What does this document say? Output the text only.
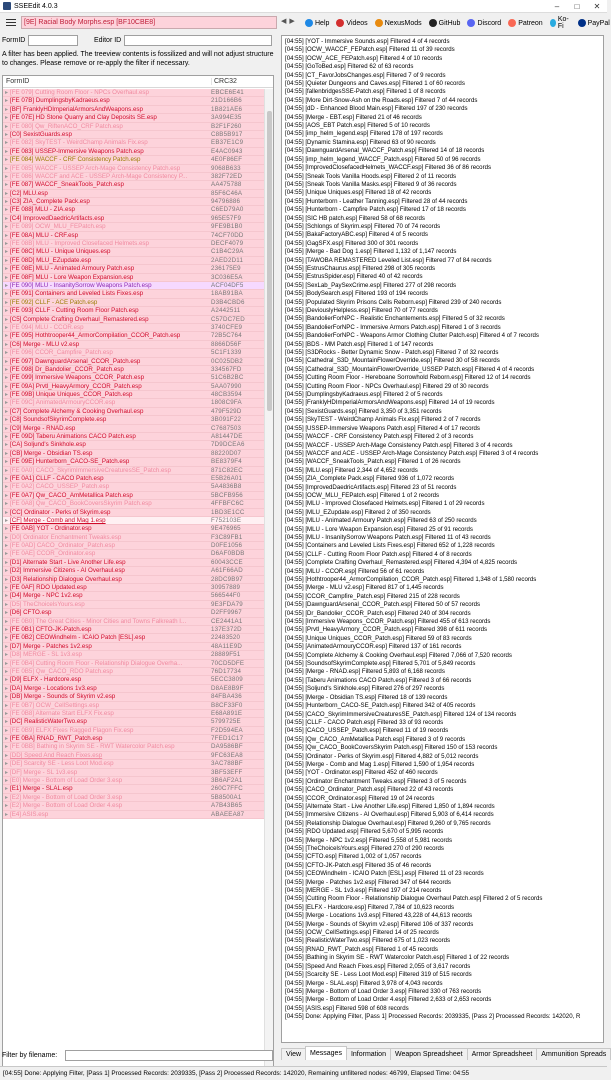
SSEEdit 4.0.3	–	□	✕
[9E] Racial Body Morphs.esp [BF10CBE8]	◀ ▶	Help Videos NexusMods GitHub Discord Patreon Ko-Fi	PayPal
FormID	Editor ID
A filter has been applied. The treeview contents is fossilized and will not adjust structure to changes. Please remove or re-apply the filter if necessary.
FormID	CRC32
▸ [FE 079] Cutting Room Floor - NPCs Overhaul.esp	EBCE6E41
▸ [FE 07B] DumplingsbyKadraeus.esp	21D166B6
▸ [BF] FranklyHDImperialArmorsAndWeapons.esp	1B821AE6
▸ [FE 07E] HD Stone Quarry and Clay Deposits SE.esp	3A994E35
▸ [FE 080] Qw_RiftenACO_CRF Patch.esp	B2F1F260
▸ [C0] SexistGuards.esp	C8B5B917
▸ [FE 082] SkyTEST - WeirdChamp Animals Fix.esp	EB37E1C9
▸ [FE 083] USSEP-Immersive Weapons Patch.esp	E4AC0943
▸ [FE 084] WACCF - CRF Consistency Patch.esp	4E0F86EF
▸ [FE 085] WACCF - USSEP Arch-Mage Consistency Patch.esp	9068B633
▸ [FE 086] WACCF and ACE - USSEP Arch-Mage Consistency P...	382F72ED
▸ [FE 087] WACCF_SneakTools_Patch.esp	AA475788
▸ [C2] MLU.esp	85F6C46A
▸ [C3] ZIA_Complete Pack.esp	94796886
▸ [FE 088] MLU - ZIA.esp	C6ED79A0
▸ [C4] ImprovedDaedricArtifacts.esp	965E57F9
▸ [FE 089] OCW_MLU_FEPatch.esp	9FE9B1B0
▸ [FE 08A] MLU - CRF.esp	74CF70DD
▸ [FE 08B] MLU - Improved Closefaced Helmets.esp	DECF4079
▸ [FE 08C] MLU - Unique Uniques.esp	C1B4C29A
▸ [FE 08D] MLU_EZupdate.esp	2AED2D11
▸ [FE 08E] MLU - Animated Armoury Patch.esp	236175E9
▸ [FE 08F] MLU - Lore Weapon Expansion.esp	3C036E5A
▸ [FE 090] MLU - InsanitySorrow Weapons Patch.esp	ACF04DF5
▸ [FE 091] Containers and Leveled Lists Fixes.esp	18AB91BA
▸ [FE 092] CLLF - ACE Patch.esp	D3B4CBD6
▸ [FE 093] CLLF - Cutting Room Floor Patch.esp	A2442511
▸ [C5] Complete Crafting Overhaul_Remastered.esp	C57DC7ED
▸ [FE 094] MLU - CCOR.esp	3740CFE9
▸ [FE 095] Hothtrooper44_ArmorCompilation_CCOR_Patch.esp	72B5C764
▸ [C6] Merge - MLU v2.esp	8866D56F
▸ [FE 096] CCOR_Campfire_Patch.esp	5C1F1339
▸ [FE 097] DawnguardArsenal_CCOR_Patch.esp	0C025DB2
▸ [FE 098] Dr_Bandolier_CCOR_Patch.esp	334567FD
▸ [FE 099] Immersive Weapons_CCOR_Patch.esp	51C6B2BC
▸ [FE 09A] Prvtl_HeavyArmory_CCOR_Patch.esp	5AA07990
▸ [FE 09B] Unique Uniques_CCOR_Patch.esp	48CB3594
▸ [FE 09C] AnimatedArmouryCCOR.esp	1808C9FA
▸ [C7] Complete Alchemy & Cooking Overhaul.esp	479F529D
▸ [C8] SoundsofSkyrimComplete.esp	3B091F22
▸ [C9] Merge - RNAD.esp	C7687503
▸ [FE 09D] Taberu Animations CACO Patch.esp	A81447DE
▸ [CA] Soljund's Sinkhole.esp	7D9DCEA6
▸ [CB] Merge - Obsidian TS.esp	88220D07
▸ [FE 09E] Hunterborn_CACO-SE_Patch.esp	BE8379F4
▸ [FE 0A0] CACO_SkyrimImmersiveCreaturesSE_Patch.esp	871C82EC
▸ [FE 0A1] CLLF - CACO Patch.esp	E5B26A01
▸ [FE 0A2] CACO_USSEP_Patch.esp	5A4836B8
▸ [FE 0A7] Qw_CACO_AmMetallica Patch.esp	5BCFB956
▸ [FE 0A8] Qw_CACO_BookCoversSkyrim Patch.esp	4FFBFC6C
▸ [CC] Ordinator - Perks of Skyrim.esp	1BD3E1CC
▸ [CF] Merge - Comb and Mag 1.esp	F752103E
▸ [FE 0AB] YOT - Ordinator.esp	9E476965
▸ [D0] Ordinator Enchantment Tweaks.esp	F3C89FB1
▸ [FE 0AD] CACO_Ordinator_Patch.esp	D0FE1056
▸ [FE 0AE] CCOR_Ordinator.esp	D6AF0BDB
▸ [D1] Alternate Start - Live Another Life.esp	60043CCE
▸ [D2] Immersive Citizens - AI Overhaul.esp	A61F66AD
▸ [D3] Relationship Dialogue Overhaul.esp	28DC9B97
▸ [FE 0AF] RDO Updated.esp	30957889
▸ [D4] Merge - NPC 1v2.esp	566544F0
▸ [D5] TheChoicelsYours.esp	9E3FDA79
▸ [D6] CFTO.esp	D2FF9967
▸ [FE 0B0] The Great Cities - Minor Cities and Towns Falkreath I...	CE2441A1
▸ [FE 0B1] CFTO-JK-Patch.esp	137E372D
▸ [FE 0B2] CEOWindhelm - ICAIO Patch [ESL].esp	22483520
▸ [D7] Merge - Patches 1v2.esp	48A11E9D
▸ [D8] MERGE - SL 1v3.esp	28889F51
▸ [FE 0B4] Cutting Room Floor - Relationship Dialogue Overha...	70CD5DFE
▸ [FE 0B5] Qw_CACO_RDO Patch.esp	76D17734
▸ [D9] ELFX - Hardcore.esp	5ECC3809
▸ [DA] Merge - Locations 1v3.esp	D8AE8B9F
▸ [DB] Merge - Sounds of Skyrim v2.esp	84FBA436
▸ [FE 0B7] OCW_CellSettings.esp	B8CF33F0
▸ [FE 0B8] Alternate Start ELFX Fix.esp	E68A891E
▸ [DC] RealisticWaterTwo.esp	5799725E
▸ [FE 0B9] ELFX Fixes Ragged Flagon Fix.esp	F2D594EA
▸ [FE 0BA] RNAD_RWT_Patch.esp	7FED1C17
▸ [FE 0BB] Bathing in Skyrim SE - RWT Watercolor Patch.esp	DA9586BF
▸ [DD] Speed And Reach Fixes.esp	9FC63EA8
▸ [DE] Scarcity SE - Less Loot Mod.esp	3AC788BF
▸ [DF] Merge - SL 1v3.esp	3BF53EFF
▸ [E0] Merge - Bottom of Load Order 3.esp	3B6AF2A1
▸ [E1] Merge - SLAL.esp	260C7FFC
▸ [E2] Merge - Bottom of Load Order 3.esp	5B8500A1
▸ [E2] Merge - Bottom of Load Order 4.esp	A7B43B65
▸ [E4] ASIS.esp	ABAEEA87
Filter by filename:
[04:55] [YOT - Immersive Sounds.esp] Filtered 4 of 4 records
[04:55] [OCW_WACCF_FEPatch.esp] Filtered 11 of 39 records
[04:55] [OCW_ACE_FEPatch.esp] Filtered 4 of 10 records
[04:55] [GoToBed.esp] Filtered 62 of 63 records
[04:55] [CT_FavorJobsChanges.esp] Filtered 7 of 9 records
[04:55] [Quieter Dungeons and Caves.esp] Filtered 1 of 60 records
[04:55] [fallenbridgesSSE-Patch.esp] Filtered 1 of 8 records
[04:55] [More Dirt-Snow-Ash on the Roads.esp] Filtered 7 of 44 records
[04:55] [dD - Enhanced Blood Main.esp] Filtered 197 of 230 records
[04:55] [Merge - EBT.esp] Filtered 21 of 46 records
[04:55] [AOS_EBT Patch.esp] Filtered 5 of 10 records
[04:55] [imp_helm_legend.esp] Filtered 178 of 197 records
[04:55] [Dynamic Stamina.esp] Filtered 63 of 90 records
[04:55] [DawnguardArsenal_WACCF_Patch.esp] Filtered 14 of 18 records
[04:55] [imp_helm_legend_WACCF_Patch.esp] Filtered 50 of 96 records
[04:55] [ImprovedClosefacedHelmets_WACCF.esp] Filtered 36 of 86 records
[04:55] [Sneak Tools Vanilla Hoods.esp] Filtered 2 of 11 records
[04:55] [Sneak Tools Vanilla Masks.esp] Filtered 9 of 36 records
[04:55] [Unique Uniques.esp] Filtered 18 of 42 records
[04:55] [Hunterborn - Leather Tanning.esp] Filtered 28 of 44 records
[04:55] [Hunterborn - Campfire Patch.esp] Filtered 17 of 18 records
[04:55] [SIC HB patch.esp] Filtered 58 of 68 records
[04:55] [Schlongs of Skyrim.esp] Filtered 70 of 74 records
[04:55] [BakaFactoryABC.esp] Filtered 4 of 5 records
[04:55] [GagSFX.esp] Filtered 300 of 301 records
[04:55] [Merge - Bad Dog 1.esp] Filtered 1,132 of 1,147 records
[04:55] [TAWOBA REMASTERED Leveled List.esp] Filtered 77 of 84 records
[04:55] [EstrusChaurus.esp] Filtered 298 of 305 records
[04:55] [EstrusSpider.esp] Filtered 40 of 42 records
[04:55] [SexLab_PaySexCrime.esp] Filtered 277 of 298 records
[04:55] [BodySearch.esp] Filtered 193 of 194 records
[04:55] [Populated Skyrim Prisons Cells Reborn.esp] Filtered 239 of 240 records
[04:55] [DeviouslyHelpless.esp] Filtered 70 of 77 records
[04:55] [BandolierForNPC - Realistic Enchantements.esp] Filtered 5 of 32 records
[04:55] [BandolierForNPC - Immersive Armors Patch.esp] Filtered 1 of 3 records
[04:55] [BandolierForNPC - Weapons Armor Clothing Clutter Patch.esp] Filtered 4 of 7 records
[04:55] [BDS - MM Patch.esp] Filtered 1 of 147 records
[04:55] [S3DRocks - Better Dynamic Snow - Patch.esp] Filtered 7 of 32 records
[04:55] [Cathedral_S3D_MountainFlowerOverride.esp] Filtered 30 of 58 records
[04:55] [Cathedral_S3D_MountainFlowerOverride_USSEP Patch.esp] Filtered 4 of 4 records
[04:55] [Cutting Room Floor - Hereboane Sorrowhold Reborn.esp] Filtered 12 of 14 records
[04:55] [Cutting Room Floor - NPCs Overhaul.esp] Filtered 29 of 30 records
[04:55] [DumplingsbyKadraeus.esp] Filtered 2 of 5 records
[04:55] [FranklyHDImperialArmorsAndWeapons.esp] Filtered 14 of 19 records
[04:55] [SexistGuards.esp] Filtered 3,350 of 3,351 records
[04:55] [SkyTEST - WeirdChamp Animals Fix.esp] Filtered 2 of 7 records
[04:55] [USSEP-Immersive Weapons Patch.esp] Filtered 4 of 17 records
[04:55] [WACCF - CRF Consistency Patch.esp] Filtered 2 of 3 records
[04:55] [WACCF - USSEP Arch-Mage Consistency Patch.esp] Filtered 3 of 4 records
[04:55] [WACCF and ACE - USSEP Arch-Mage Consistency Patch.esp] Filtered 3 of 4 records
[04:55] [WACCF_SneakTools_Patch.esp] Filtered 1 of 26 records
[04:55] [MLU.esp] Filtered 2,344 of 4,652 records
[04:55] [ZIA_Complete Pack.esp] Filtered 936 of 1,072 records
[04:55] [ImprovedDaedricArtifacts.esp] Filtered 23 of 51 records
[04:55] [OCW_MLU_FEPatch.esp] Filtered 1 of 2 records
[04:55] [MLU - Improved Closefaced Helmets.esp] Filtered 1 of 29 records
[04:55] [MLU_EZupdate.esp] Filtered 2 of 350 records
[04:55] [MLU - Animated Armoury Patch.esp] Filtered 63 of 250 records
[04:55] [MLU - Lore Weapon Expansion.esp] Filtered 25 of 91 records
[04:55] [MLU - InsanitySorrow Weapons Patch.esp] Filtered 11 of 43 records
[04:55] [Containers and Leveled Lists Fixes.esp] Filtered 652 of 1,228 records
[04:55] [CLLF - Cutting Room Floor Patch.esp] Filtered 4 of 8 records
[04:55] [Complete Crafting Overhaul_Remastered.esp] Filtered 4,394 of 4,825 records
[04:55] [MLU - CCOR.esp] Filtered 56 of 61 records
[04:55] [Hothtrooper44_ArmorCompilation_CCOR_Patch.esp] Filtered 1,348 of 1,580 records
[04:55] [Merge - MLU v2.esp] Filtered 817 of 1,445 records
[04:55] [CCOR_Campfire_Patch.esp] Filtered 215 of 228 records
[04:55] [DawnguardArsenal_CCOR_Patch.esp] Filtered 50 of 57 records
[04:55] [Dr_Bandolier_CCOR_Patch.esp] Filtered 240 of 304 records
[04:55] [Immersive Weapons_CCOR_Patch.esp] Filtered 455 of 613 records
[04:55] [Prvtl_HeavyArmory_CCOR_Patch.esp] Filtered 398 of 611 records
[04:55] [Unique Uniques_CCOR_Patch.esp] Filtered 59 of 83 records
[04:55] [AnimatedArmouryCCOR.esp] Filtered 137 of 161 records
[04:55] [Complete Alchemy & Cooking Overhaul.esp] Filtered 7,066 of 7,520 records
[04:55] [SoundsofSkyrimComplete.esp] Filtered 5,701 of 5,849 records
[04:55] [Merge - RNAD.esp] Filtered 5,893 of 6,168 records
[04:55] [Taberu Animations CACO Patch.esp] Filtered 3 of 66 records
[04:55] [Soljund's Sinkhole.esp] Filtered 276 of 297 records
[04:55] [Merge - Obsidian TS.esp] Filtered 18 of 139 records
[04:55] [Hunterborn_CACO-SE_Patch.esp] Filtered 342 of 405 records
[04:55] [CACO_SkyrimImmersiveCreaturesSE_Patch.esp] Filtered 124 of 134 records
[04:55] [CLLF - CACO Patch.esp] Filtered 33 of 93 records
[04:55] [CACO_USSEP_Patch.esp] Filtered 11 of 19 records
[04:55] [Qw_CACO_AmMetallica Patch.esp] Filtered 3 of 9 records
[04:55] [Qw_CACO_BookCoversSkyrim Patch.esp] Filtered 150 of 153 records
[04:55] [Ordinator - Perks of Skyrim.esp] Filtered 4,882 of 5,012 records
[04:55] [Merge - Comb and Mag 1.esp] Filtered 1,590 of 1,954 records
[04:55] [YOT - Ordinator.esp] Filtered 452 of 460 records
[04:55] [Ordinator Enchantment Tweaks.esp] Filtered 3 of 5 records
[04:55] [CACO_Ordinator_Patch.esp] Filtered 22 of 43 records
[04:55] [CCOR_Ordinator.esp] Filtered 19 of 24 records
[04:55] [Alternate Start - Live Another Life.esp] Filtered 1,850 of 1,894 records
[04:55] [Immersive Citizens - AI Overhaul.esp] Filtered 5,903 of 6,414 records
[04:55] [Relationship Dialogue Overhaul.esp] Filtered 9,260 of 9,765 records
[04:55] [RDO Updated.esp] Filtered 5,670 of 5,995 records
[04:55] [Merge - NPC 1v2.esp] Filtered 5,558 of 5,981 records
[04:55] [TheChoicelsYours.esp] Filtered 270 of 290 records
[04:55] [CFTO.esp] Filtered 1,002 of 1,057 records
[04:55] [CFTO-JK-Patch.esp] Filtered 35 of 46 records
[04:55] [CEOWindhelm - ICAIO Patch [ESL].esp] Filtered 11 of 23 records
[04:55] [Merge - Patches 1v2.esp] Filtered 347 of 644 records
[04:55] [MERGE - SL 1v3.esp] Filtered 197 of 214 records
[04:55] [Cutting Room Floor - Relationship Dialogue Overhaul Patch.esp] Filtered 2 of 5 records
[04:55] [ELFX - Hardcore.esp] Filtered 7,784 of 10,623 records
[04:55] [Merge - Locations 1v3.esp] Filtered 43,228 of 44,613 records
[04:55] [Merge - Sounds of Skyrim v2.esp] Filtered 106 of 337 records
[04:55] [OCW_CellSettings.esp] Filtered 14 of 25 records
[04:55] [RealisticWaterTwo.esp] Filtered 675 of 1,023 records
[04:55] [RNAD_RWT_Patch.esp] Filtered 1 of 45 records
[04:55] [Bathing in Skyrim SE - RWT Watercolor Patch.esp] Filtered 1 of 22 records
[04:55] [Speed And Reach Fixes.esp] Filtered 2,055 of 3,617 records
[04:55] [Scarcity SE - Less Loot Mod.esp] Filtered 319 of 515 records
[04:55] [Merge - SLAL.esp] Filtered 3,978 of 4,043 records
[04:55] [Merge - Bottom of Load Order 3.esp] Filtered 330 of 763 records
[04:55] [Merge - Bottom of Load Order 4.esp] Filtered 2,633 of 2,653 records
[04:55] [ASIS.esp] Filtered 598 of 608 records
[04:55] Done: Applying Filter, [Pass 1] Processed Records: 2039335, [Pass 2] Processed Records: 142020, R
View	Messages	Information	Weapon Spreadsheet	Armor Spreadsheet	Ammunition Spreads
[04:55] Done: Applying Filter, [Pass 1] Processed Records: 2039335, [Pass 2] Processed Records: 142020, Remaining unfiltered nodes: 46799, Elapsed Time: 04:55
